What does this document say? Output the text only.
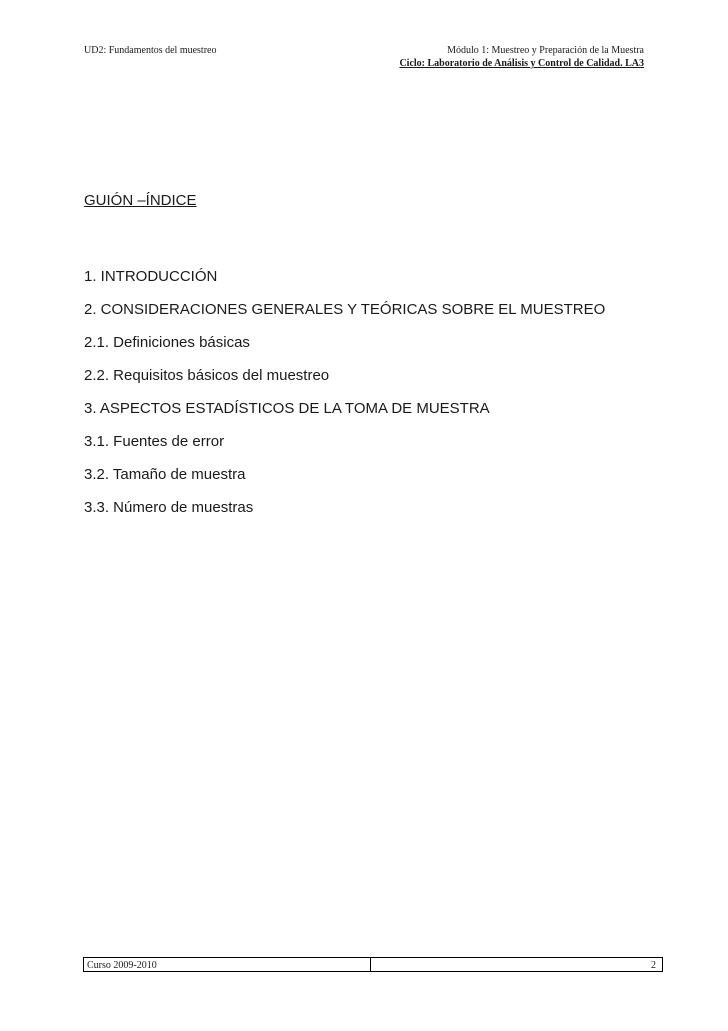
UD2: Fundamentos del muestreo	Módulo 1: Muestreo y Preparación de la Muestra
Ciclo: Laboratorio de Análisis y Control de Calidad. LA3
GUIÓN –ÍNDICE
1. INTRODUCCIÓN
2. CONSIDERACIONES GENERALES Y TEÓRICAS SOBRE EL MUESTREO
2.1. Definiciones básicas
2.2. Requisitos básicos del muestreo
3. ASPECTOS ESTADÍSTICOS DE LA TOMA DE MUESTRA
3.1. Fuentes de error
3.2. Tamaño de muestra
3.3. Número de muestras
Curso 2009-2010	2
